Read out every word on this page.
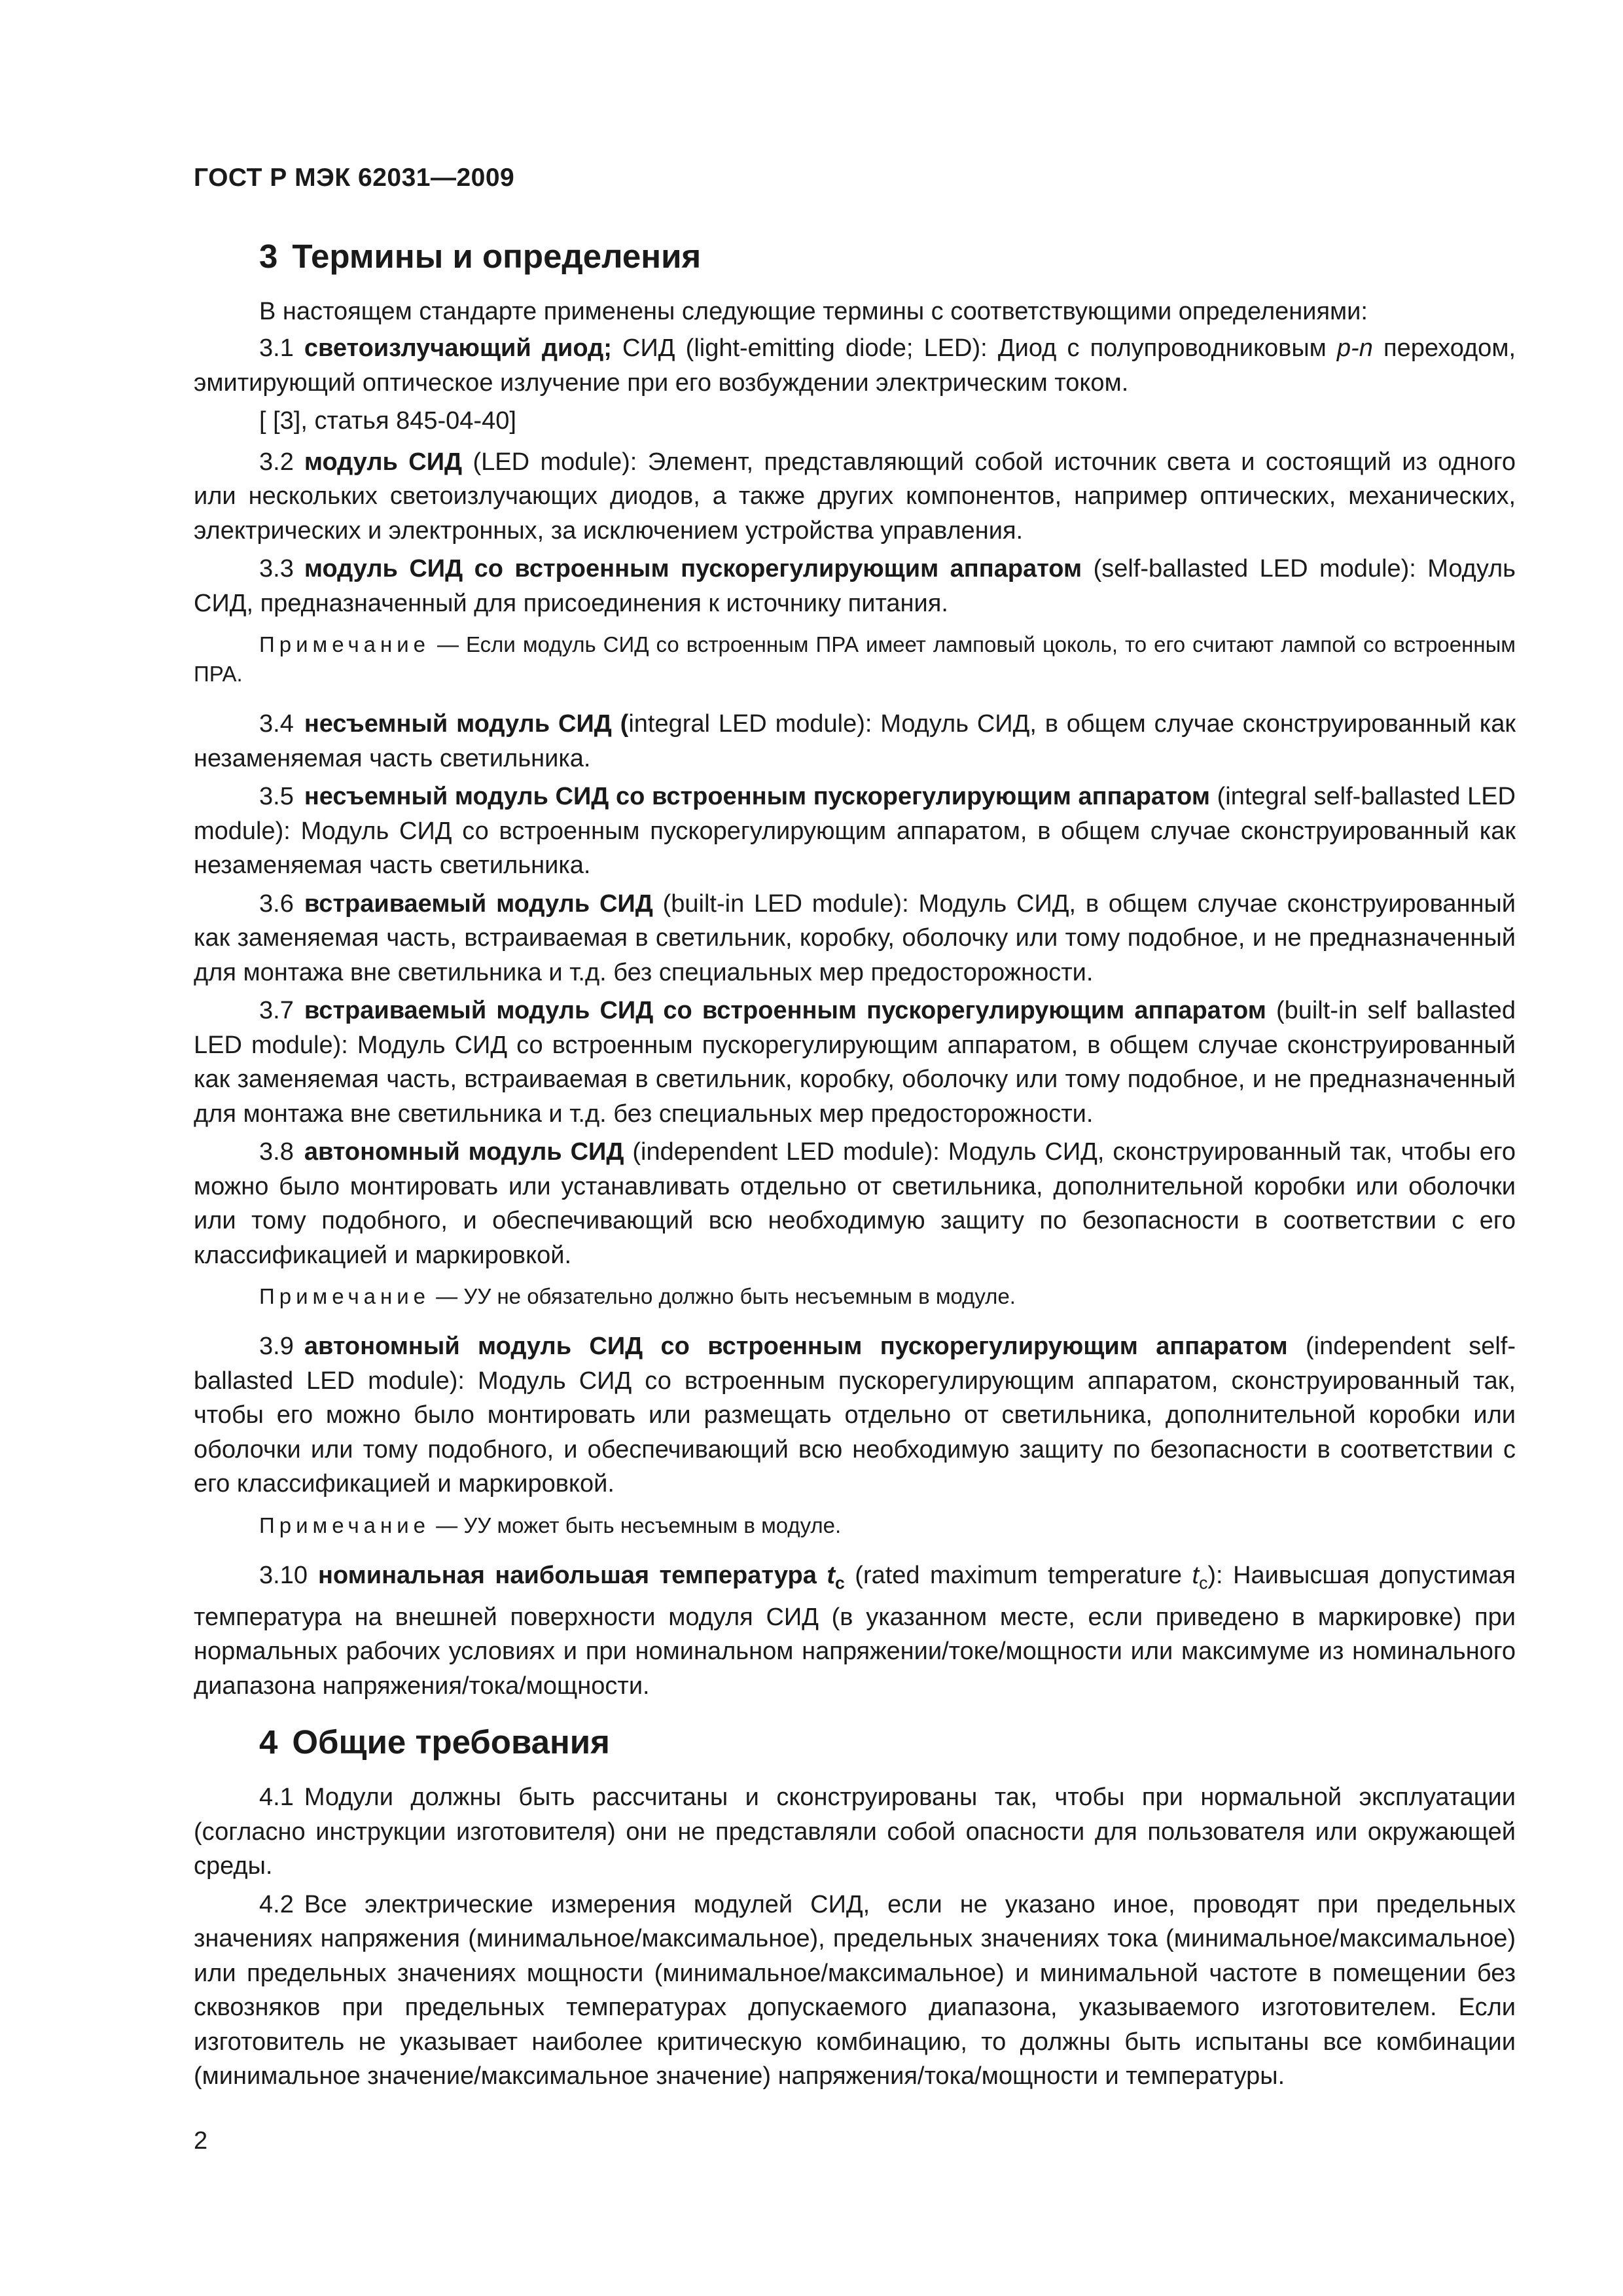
ГОСТ Р МЭК 62031—2009
3 Термины и определения

В настоящем стандарте применены следующие термины с соответствующими определениями:

3.1 светоизлучающий диод; СИД (light-emitting diode; LED): Диод с полупроводниковым p-n переходом, эмитирующий оптическое излучение при его возбуждении электрическим током.

[ [3], статья 845-04-40]

3.2 модуль СИД (LED module): Элемент, представляющий собой источник света и состоящий из одного или нескольких светоизлучающих диодов, а также других компонентов, например оптических, механических, электрических и электронных, за исключением устройства управления.

3.3 модуль СИД со встроенным пускорегулирующим аппаратом (self-ballasted LED module): Модуль СИД, предназначенный для присоединения к источнику питания.

Примечание — Если модуль СИД со встроенным ПРА имеет ламповый цоколь, то его считают лампой со встроенным ПРА.

3.4 несъемный модуль СИД (integral LED module): Модуль СИД, в общем случае сконструированный как незаменяемая часть светильника.

3.5 несъемный модуль СИД со встроенным пускорегулирующим аппаратом (integral self-ballasted LED module): Модуль СИД со встроенным пускорегулирующим аппаратом, в общем случае сконструированный как незаменяемая часть светильника.

3.6 встраиваемый модуль СИД (built-in LED module): Модуль СИД, в общем случае сконструированный как заменяемая часть, встраиваемая в светильник, коробку, оболочку или тому подобное, и не предназначенный для монтажа вне светильника и т.д. без специальных мер предосторожности.

3.7 встраиваемый модуль СИД со встроенным пускорегулирующим аппаратом (built-in self ballasted LED module): Модуль СИД со встроенным пускорегулирующим аппаратом, в общем случае сконструированный как заменяемая часть, встраиваемая в светильник, коробку, оболочку или тому подобное, и не предназначенный для монтажа вне светильника и т.д. без специальных мер предосторожности.

3.8 автономный модуль СИД (independent LED module): Модуль СИД, сконструированный так, чтобы его можно было монтировать или устанавливать отдельно от светильника, дополнительной коробки или оболочки или тому подобного, и обеспечивающий всю необходимую защиту по безопасности в соответствии с его классификацией и маркировкой.

Примечание — УУ не обязательно должно быть несъемным в модуле.

3.9 автономный модуль СИД со встроенным пускорегулирующим аппаратом (independent self-ballasted LED module): Модуль СИД со встроенным пускорегулирующим аппаратом, сконструированный так, чтобы его можно было монтировать или размещать отдельно от светильника, дополнительной коробки или оболочки или тому подобного, и обеспечивающий всю необходимую защиту по безопасности в соответствии с его классификацией и маркировкой.

Примечание — УУ может быть несъемным в модуле.

3.10 номинальная наибольшая температура $t_c$ (rated maximum temperature $t_c$): Наивысшая допустимая температура на внешней поверхности модуля СИД (в указанном месте, если приведено в маркировке) при нормальных рабочих условиях и при номинальном напряжении/токе/мощности или максимуме из номинального диапазона напряжения/тока/мощности.

4 Общие требования

4.1 Модули должны быть рассчитаны и сконструированы так, чтобы при нормальной эксплуатации (согласно инструкции изготовителя) они не представляли собой опасности для пользователя или окружающей среды.

4.2 Все электрические измерения модулей СИД, если не указано иное, проводят при предельных значениях напряжения (минимальное/максимальное), предельных значениях тока (минимальное/максимальное) или предельных значениях мощности (минимальное/максимальное) и минимальной частоте в помещении без сквозняков при предельных температурах допускаемого диапазона, указываемого изготовителем. Если изготовитель не указывает наиболее критическую комбинацию, то должны быть испытаны все комбинации (минимальное значение/максимальное значение) напряжения/тока/мощности и температуры.

2
